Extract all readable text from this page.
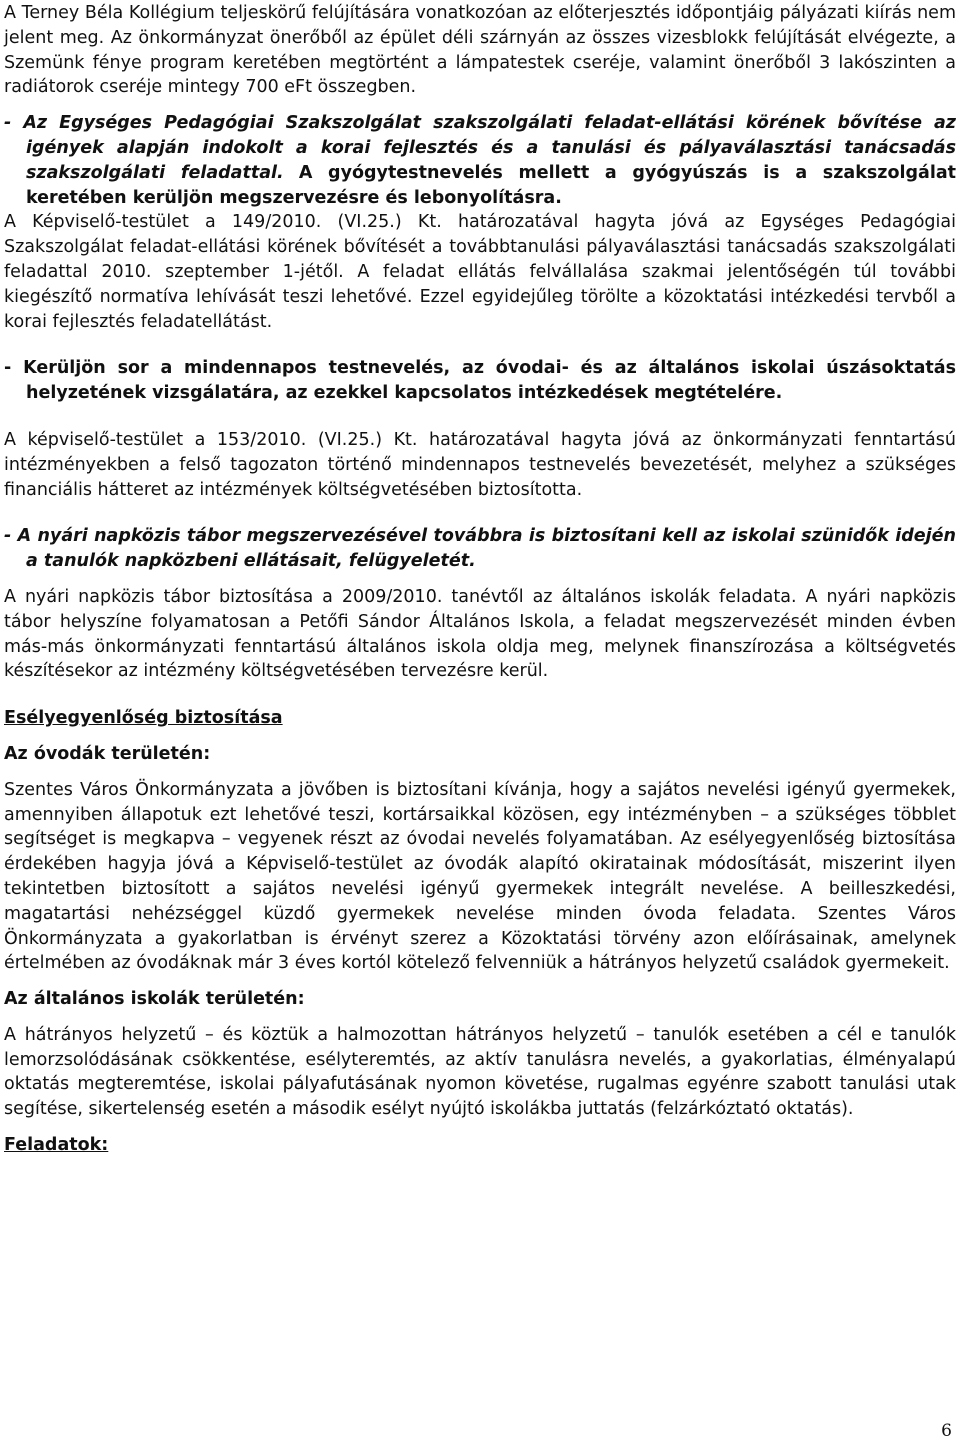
A Terney Béla Kollégium teljeskörű felújítására vonatkozóan az előterjesztés időpontjáig pályázati kiírás nem jelent meg. Az önkormányzat önerőből az épület déli szárnyán az összes vizesblokk felújítását elvégezte, a Szemünk fénye program keretében megtörtént a lámpatestek cseréje, valamint önerőből 3 lakószinten a radiátorok cseréje mintegy 700 eFt összegben.

- Az Egységes Pedagógiai Szakszolgálat szakszolgálati feladat-ellátási körének bővítése az igények alapján indokolt a korai fejlesztés és a tanulási és pályaválasztási tanácsadás szakszolgálati feladattal. A gyógytestnevelés mellett a gyógyúszás is a szakszolgálat keretében kerüljön megszervezésre és lebonyolításra.

A Képviselő-testület a 149/2010. (VI.25.) Kt. határozatával hagyta jóvá az Egységes Pedagógiai Szakszolgálat feladat-ellátási körének bővítését a továbbtanulási pályaválasztási tanácsadás szakszolgálati feladattal 2010. szeptember 1-jétől. A feladat ellátás felvállalása szakmai jelentőségén túl további kiegészítő normatíva lehívását teszi lehetővé. Ezzel egyidejűleg törölte a közoktatási intézkedési tervből a korai fejlesztés feladatellátást.

- Kerüljön sor a mindennapos testnevelés, az óvodai- és az általános iskolai úszásoktatás helyzetének vizsgálatára, az ezekkel kapcsolatos intézkedések megtételére.

A képviselő-testület a 153/2010. (VI.25.) Kt. határozatával hagyta jóvá az önkormányzati fenntartású intézményekben a felső tagozaton történő mindennapos testnevelés bevezetését, melyhez a szükséges financiális hátteret az intézmények költségvetésében biztosította.

- A nyári napközis tábor megszervezésével továbbra is biztosítani kell az iskolai szünidők idején a tanulók napközbeni ellátásait, felügyeletét.

A nyári napközis tábor biztosítása a 2009/2010. tanévtől az általános iskolák feladata. A nyári napközis tábor helyszíne folyamatosan a Petőfi Sándor Általános Iskola, a feladat megszervezését minden évben más-más önkormányzati fenntartású általános iskola oldja meg, melynek finanszírozása a költségvetés készítésekor az intézmény költségvetésében tervezésre kerül.

Esélyegyenlőség biztosítása

Az óvodák területén:

Szentes Város Önkormányzata a jövőben is biztosítani kívánja, hogy a sajátos nevelési igényű gyermekek, amennyiben állapotuk ezt lehetővé teszi, kortársaikkal közösen, egy intézményben – a szükséges többlet segítséget is megkapva – vegyenek részt az óvodai nevelés folyamatában. Az esélyegyenlőség biztosítása érdekében hagyja jóvá a Képviselő-testület az óvodák alapító okiratainak módosítását, miszerint ilyen tekintetben biztosított a sajátos nevelési igényű gyermekek integrált nevelése. A beilleszkedési, magatartási nehézséggel küzdő gyermekek nevelése minden óvoda feladata. Szentes Város Önkormányzata a gyakorlatban is érvényt szerez a Közoktatási törvény azon előírásainak, amelynek értelmében az óvodáknak már 3 éves kortól kötelező felvenniük a hátrányos helyzetű családok gyermekeit.

Az általános iskolák területén:

A hátrányos helyzetű – és köztük a halmozottan hátrányos helyzetű – tanulók esetében a cél e tanulók lemorzsolódásának csökkentése, esélyteremtés, az aktív tanulásra nevelés, a gyakorlatias, élményalapú oktatás megteremtése, iskolai pályafutásának nyomon követése, rugalmas egyénre szabott tanulási utak segítése, sikertelenség esetén a második esélyt nyújtó iskolákba juttatás (felzárkóztató oktatás).

Feladatok:

6
